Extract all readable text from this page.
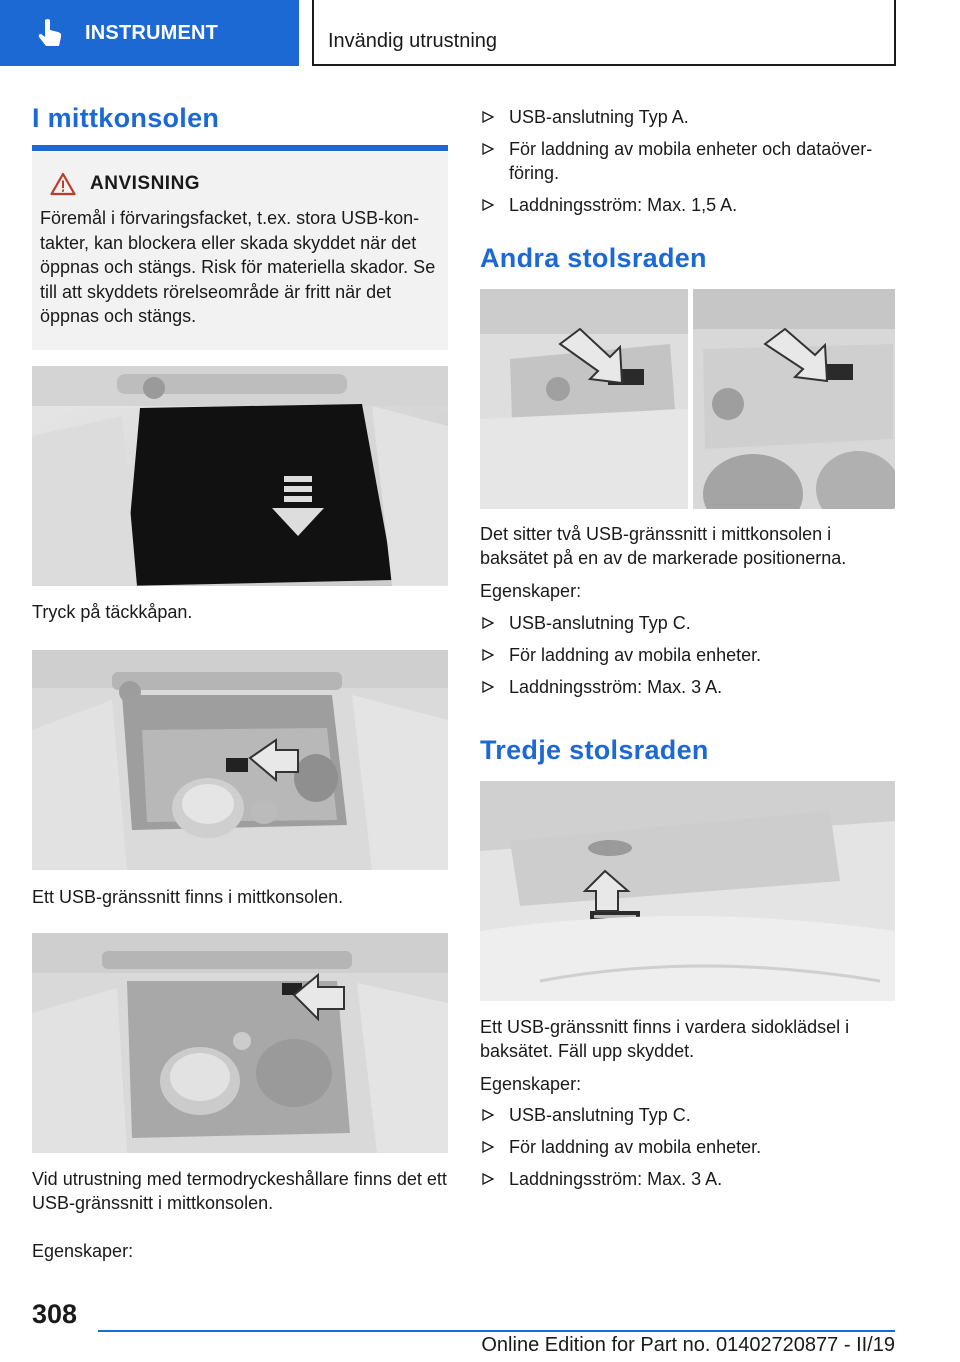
INSTRUMENT	Invändig utrustning
I mittkonsolen
ANVISNING

Föremål i förvaringsfacket, t.ex. stora USB-kon-takter, kan blockera eller skada skyddet när det öppnas och stängs. Risk för materiella skador. Se till att skyddets rörelseområde är fritt när det öppnas och stängs.

Tryck på täckkåpan.

Ett USB-gränssnitt finns i mittkonsolen.

Vid utrustning med termodryckeshållare finns det ett USB-gränssnitt i mittkonsolen.

Egenskaper:

USB-anslutning Typ A.
För laddning av mobila enheter och dataöver-föring.
Laddningsström: Max. 1,5 A.
Andra stolsraden

Det sitter två USB-gränssnitt i mittkonsolen i baksätet på en av de markerade positionerna.

Egenskaper:

USB-anslutning Typ C.
För laddning av mobila enheter.
Laddningsström: Max. 3 A.
Tredje stolsraden

Ett USB-gränssnitt finns i vardera sidoklädsel i baksätet. Fäll upp skyddet.

Egenskaper:

USB-anslutning Typ C.
För laddning av mobila enheter.
Laddningsström: Max. 3 A.
308
Online Edition for Part no. 01402720877 - II/19
